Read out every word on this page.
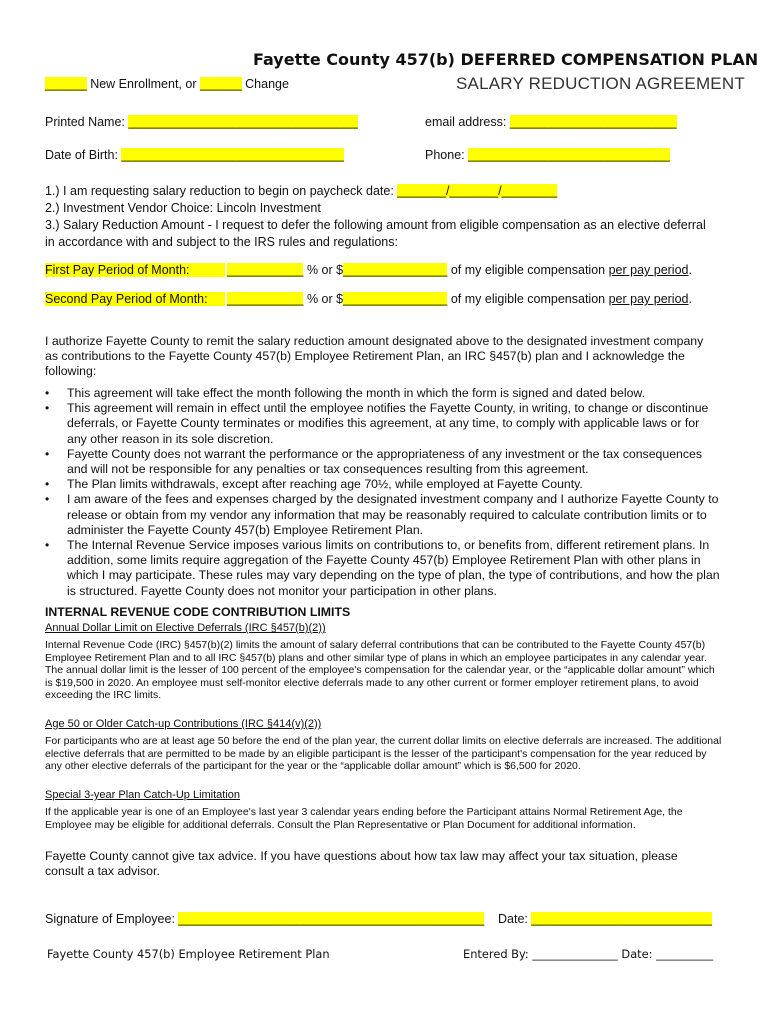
Fayette County 457(b) DEFERRED COMPENSATION PLAN
______ New Enrollment, or ______ Change	SALARY REDUCTION AGREEMENT
Printed Name: _________________________________	email address: ________________________
Date of Birth: ________________________________	Phone: _____________________________
1.) I am requesting salary reduction to begin on paycheck date: _______/_______/________
2.) Investment Vendor Choice: Lincoln Investment
3.) Salary Reduction Amount - I request to defer the following amount from eligible compensation as an elective deferral
in accordance with and subject to the IRS rules and regulations:
First Pay Period of Month:	___________ % or $_______________ of my eligible compensation per pay period.
Second Pay Period of Month:	___________ % or $_______________ of my eligible compensation per pay period.
I authorize Fayette County to remit the salary reduction amount designated above to the designated investment company as contributions to the Fayette County 457(b) Employee Retirement Plan, an IRC §457(b) plan and I acknowledge the following:
• This agreement will take effect the month following the month in which the form is signed and dated below.
• This agreement will remain in effect until the employee notifies the Fayette County, in writing, to change or discontinue deferrals, or Fayette County terminates or modifies this agreement, at any time, to comply with applicable laws or for any other reason in its sole discretion.
• Fayette County does not warrant the performance or the appropriateness of any investment or the tax consequences and will not be responsible for any penalties or tax consequences resulting from this agreement.
• The Plan limits withdrawals, except after reaching age 70½, while employed at Fayette County.
• I am aware of the fees and expenses charged by the designated investment company and I authorize Fayette County to release or obtain from my vendor any information that may be reasonably required to calculate contribution limits or to administer the Fayette County 457(b) Employee Retirement Plan.
• The Internal Revenue Service imposes various limits on contributions to, or benefits from, different retirement plans. In addition, some limits require aggregation of the Fayette County 457(b) Employee Retirement Plan with other plans in which I may participate. These rules may vary depending on the type of plan, the type of contributions, and how the plan is structured. Fayette County does not monitor your participation in other plans.
INTERNAL REVENUE CODE CONTRIBUTION LIMITS
Annual Dollar Limit on Elective Deferrals (IRC §457(b)(2))
Internal Revenue Code (IRC) §457(b)(2) limits the amount of salary deferral contributions that can be contributed to the Fayette County 457(b) Employee Retirement Plan and to all IRC §457(b) plans and other similar type of plans in which an employee participates in any calendar year. The annual dollar limit is the lesser of 100 percent of the employee's compensation for the calendar year, or the “applicable dollar amount” which is $19,500 in 2020. An employee must self-monitor elective deferrals made to any other current or former employer retirement plans, to avoid exceeding the IRC limits.
Age 50 or Older Catch-up Contributions (IRC §414(v)(2))
For participants who are at least age 50 before the end of the plan year, the current dollar limits on elective deferrals are increased. The additional elective deferrals that are permitted to be made by an eligible participant is the lesser of the participant's compensation for the year reduced by any other elective deferrals of the participant for the year or the “applicable dollar amount” which is $6,500 for 2020.
Special 3-year Plan Catch-Up Limitation
If the applicable year is one of an Employee's last year 3 calendar years ending before the Participant attains Normal Retirement Age, the Employee may be eligible for additional deferrals. Consult the Plan Representative or Plan Document for additional information.
Fayette County cannot give tax advice. If you have questions about how tax law may affect your tax situation, please consult a tax advisor.
Signature of Employee: ____________________________________________ Date: __________________________
Fayette County 457(b) Employee Retirement Plan	Entered By: _______________ Date: __________
